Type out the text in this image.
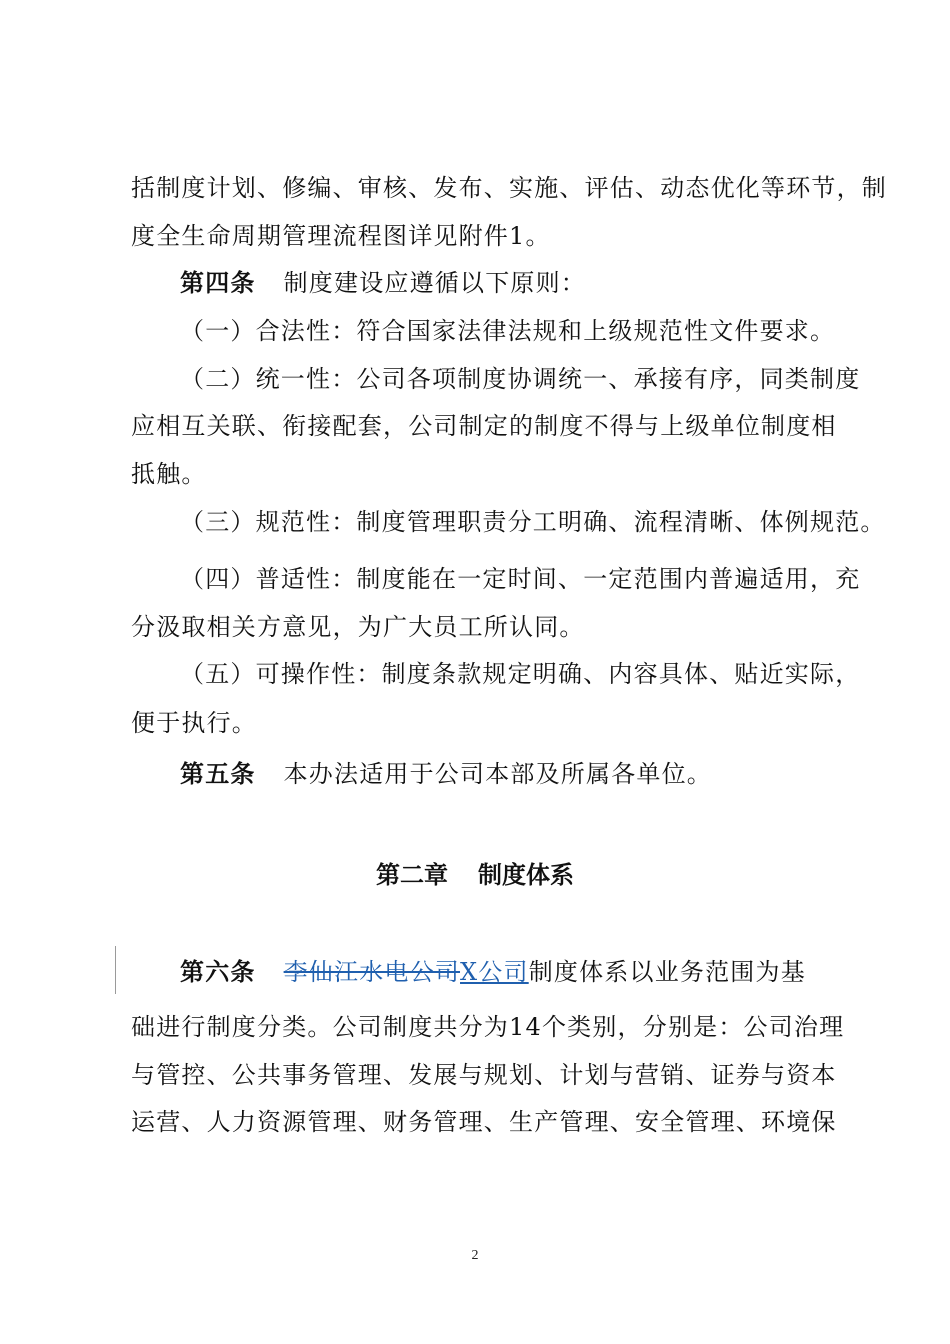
括制度计划、修编、审核、发布、实施、评估、动态优化等环节，制
度全生命周期管理流程图详见附件1。
第四条 制度建设应遵循以下原则：
（一）合法性：符合国家法律法规和上级规范性文件要求。
（二）统一性：公司各项制度协调统一、承接有序，同类制度
应相互关联、衔接配套，公司制定的制度不得与上级单位制度相
抵触。
（三）规范性：制度管理职责分工明确、流程清晰、体例规范。
（四）普适性：制度能在一定时间、一定范围内普遍适用，充
分汲取相关方意见，为广大员工所认同。
（五）可操作性：制度条款规定明确、内容具体、贴近实际，
便于执行。
第五条 本办法适用于公司本部及所属各单位。
第二章 制度体系
第六条 李仙江水电公司X公司制度体系以业务范围为基
础进行制度分类。公司制度共分为14个类别，分别是：公司治理
与管控、公共事务管理、发展与规划、计划与营销、证券与资本
运营、人力资源管理、财务管理、生产管理、安全管理、环境保
2
